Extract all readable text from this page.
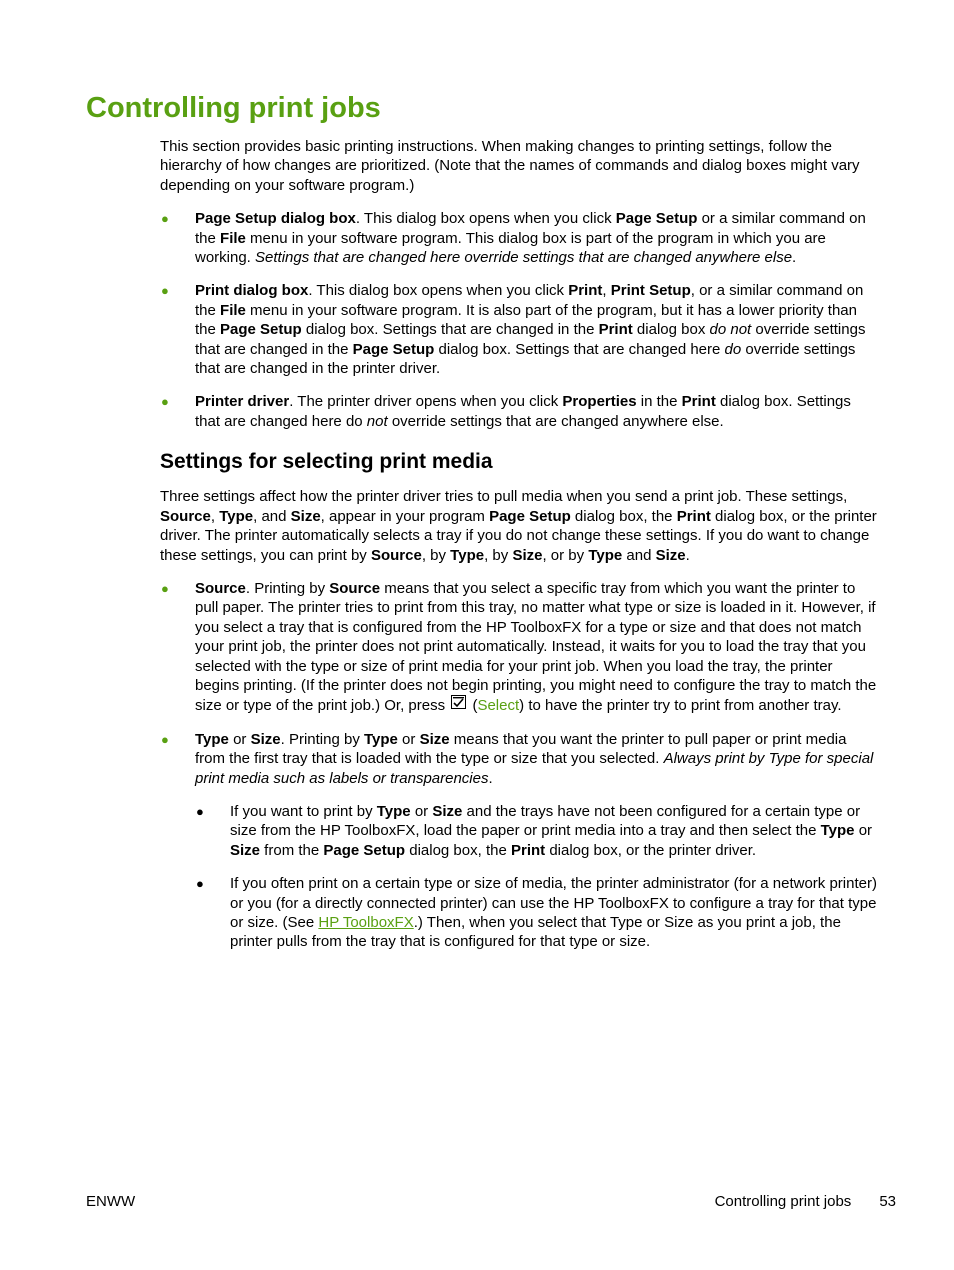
Controlling print jobs

This section provides basic printing instructions. When making changes to printing settings, follow the hierarchy of how changes are prioritized. (Note that the names of commands and dialog boxes might vary depending on your software program.)

● Page Setup dialog box. This dialog box opens when you click Page Setup or a similar command on the File menu in your software program. This dialog box is part of the program in which you are working. Settings that are changed here override settings that are changed anywhere else.
● Print dialog box. This dialog box opens when you click Print, Print Setup, or a similar command on the File menu in your software program. It is also part of the program, but it has a lower priority than the Page Setup dialog box. Settings that are changed in the Print dialog box do not override settings that are changed in the Page Setup dialog box. Settings that are changed here do override settings that are changed in the printer driver.
● Printer driver. The printer driver opens when you click Properties in the Print dialog box. Settings that are changed here do not override settings that are changed anywhere else.
Settings for selecting print media

Three settings affect how the printer driver tries to pull media when you send a print job. These settings, Source, Type, and Size, appear in your program Page Setup dialog box, the Print dialog box, or the printer driver. The printer automatically selects a tray if you do not change these settings. If you do want to change these settings, you can print by Source, by Type, by Size, or by Type and Size.

● Source. Printing by Source means that you select a specific tray from which you want the printer to pull paper. The printer tries to print from this tray, no matter what type or size is loaded in it. However, if you select a tray that is configured from the HP ToolboxFX for a type or size and that does not match your print job, the printer does not print automatically. Instead, it waits for you to load the tray that you selected with the type or size of print media for your print job. When you load the tray, the printer begins printing. (If the printer does not begin printing, you might need to configure the tray to match the size or type of the print job.) Or, press  (Select) to have the printer try to print from another tray.
● Type or Size. Printing by Type or Size means that you want the printer to pull paper or print media from the first tray that is loaded with the type or size that you selected. Always print by Type for special print media such as labels or transparencies.
● If you want to print by Type or Size and the trays have not been configured for a certain type or size from the HP ToolboxFX, load the paper or print media into a tray and then select the Type or Size from the Page Setup dialog box, the Print dialog box, or the printer driver.
● If you often print on a certain type or size of media, the printer administrator (for a network printer) or you (for a directly connected printer) can use the HP ToolboxFX to configure a tray for that type or size. (See HP ToolboxFX.) Then, when you select that Type or Size as you print a job, the printer pulls from the tray that is configured for that type or size.
ENWW	Controlling print jobs 53
